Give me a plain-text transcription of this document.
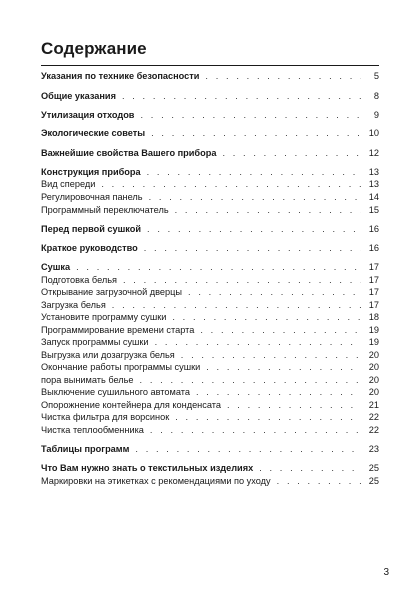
Содержание
Указания по технике безопасности . . .	5
Общие указания . . .	8
Утилизация отходов . . .	9
Экологические советы . . .	10
Важнейшие свойства Вашего прибора . . .	12
Конструкция прибора . . .	13
Вид спереди . . .	13
Регулировочная панель . . .	14
Программный переключатель . . .	15
Перед первой сушкой . . .	16
Краткое руководство . . .	16
Сушка . . .	17
Подготовка белья . . .	17
Открывание загрузочной дверцы . . .	17
Загрузка белья . . .	17
Установите программу сушки . . .	18
Программирование времени старта . . .	19
Запуск программы сушки . . .	19
Выгрузка или дозагрузка белья . . .	20
Окончание работы программы сушки . . .	20
пора вынимать белье . . .	20
Выключение сушильного автомата . . .	20
Опорожнение контейнера для конденсата . . .	21
Чистка фильтра для ворсинок . . .	22
Чистка теплообменника . . .	22
Таблицы программ . . .	23
Что Вам нужно знать о текстильных изделиях . . .	25
Маркировки на этикетках с рекомендациями по уходу . . .	25
3
